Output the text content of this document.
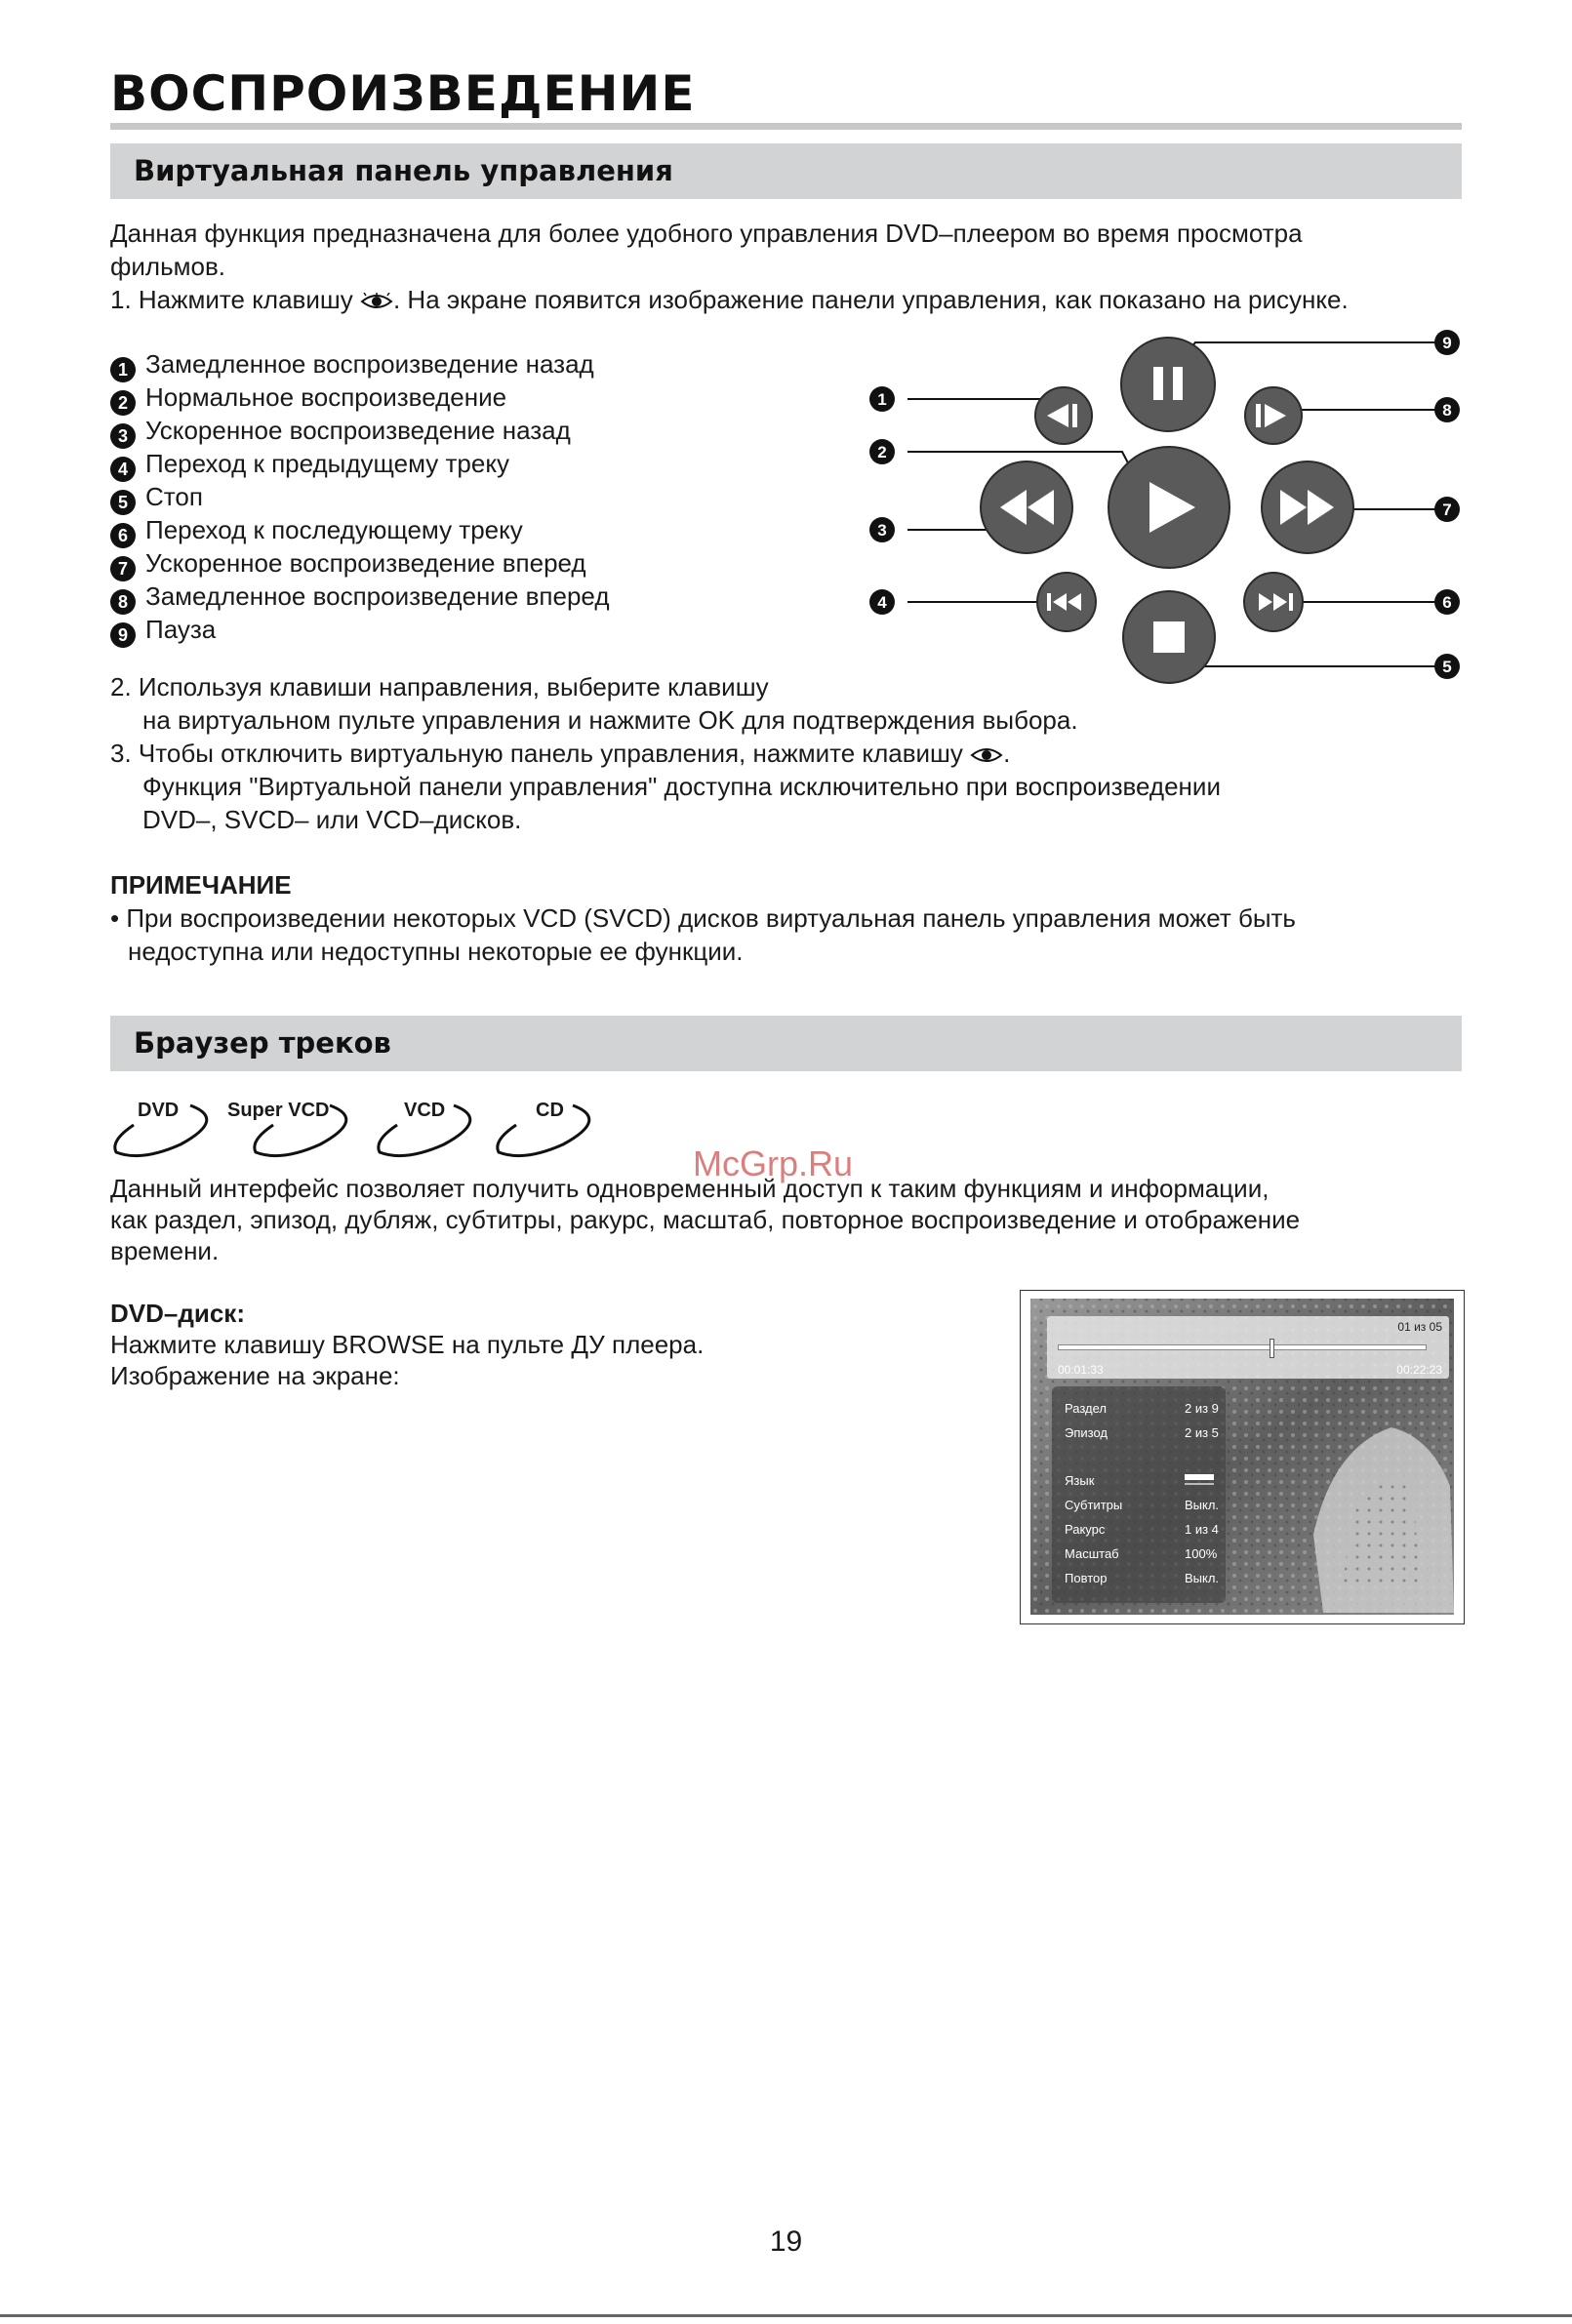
ВОСПРОИЗВЕДЕНИЕ
Виртуальная панель управления
Данная функция предназначена для более удобного управления DVD–плеером во время просмотра
фильмов.
1. Нажмите клавишу . На экране появится изображение панели управления, как показано на рисунке.
1 Замедленное воспроизведение назад
2 Нормальное воспроизведение
3 Ускоренное воспроизведение назад
4 Переход к предыдущему треку
5 Стоп
6 Переход к последующему треку
7 Ускоренное воспроизведение вперед
8 Замедленное воспроизведение вперед
9 Пауза
1
2
3
4
5
6
7
8
9
2. Используя клавиши направления, выберите клавишу
на виртуальном пульте управления и нажмите OK для подтверждения выбора.
3. Чтобы отключить виртуальную панель управления, нажмите клавишу .
Функция "Виртуальной панели управления" доступна исключительно при воспроизведении
DVD–, SVCD– или VCD–дисков.
ПРИМЕЧАНИЕ
• При воспроизведении некоторых VCD (SVCD) дисков виртуальная панель управления может быть
недоступна или недоступны некоторые ее функции.
Браузер треков
DVD Super VCD	VCD	CD
McGrp.Ru
Данный интерфейс позволяет получить одновременный доступ к таким функциям и информации,
как раздел, эпизод, дубляж, субтитры, ракурс, масштаб, повторное воспроизведение и отображение
времени.
DVD–диск:
Нажмите клавишу BROWSE на пульте ДУ плеера.
Изображение на экране:
01 из 05
00:01:33	00:22:23
Раздел	2 из 9
Эпизод	2 из 5
Язык
Субтитры	Выкл.
Ракурс	1 из 4
Масштаб	100%
Повтор	Выкл.
19
